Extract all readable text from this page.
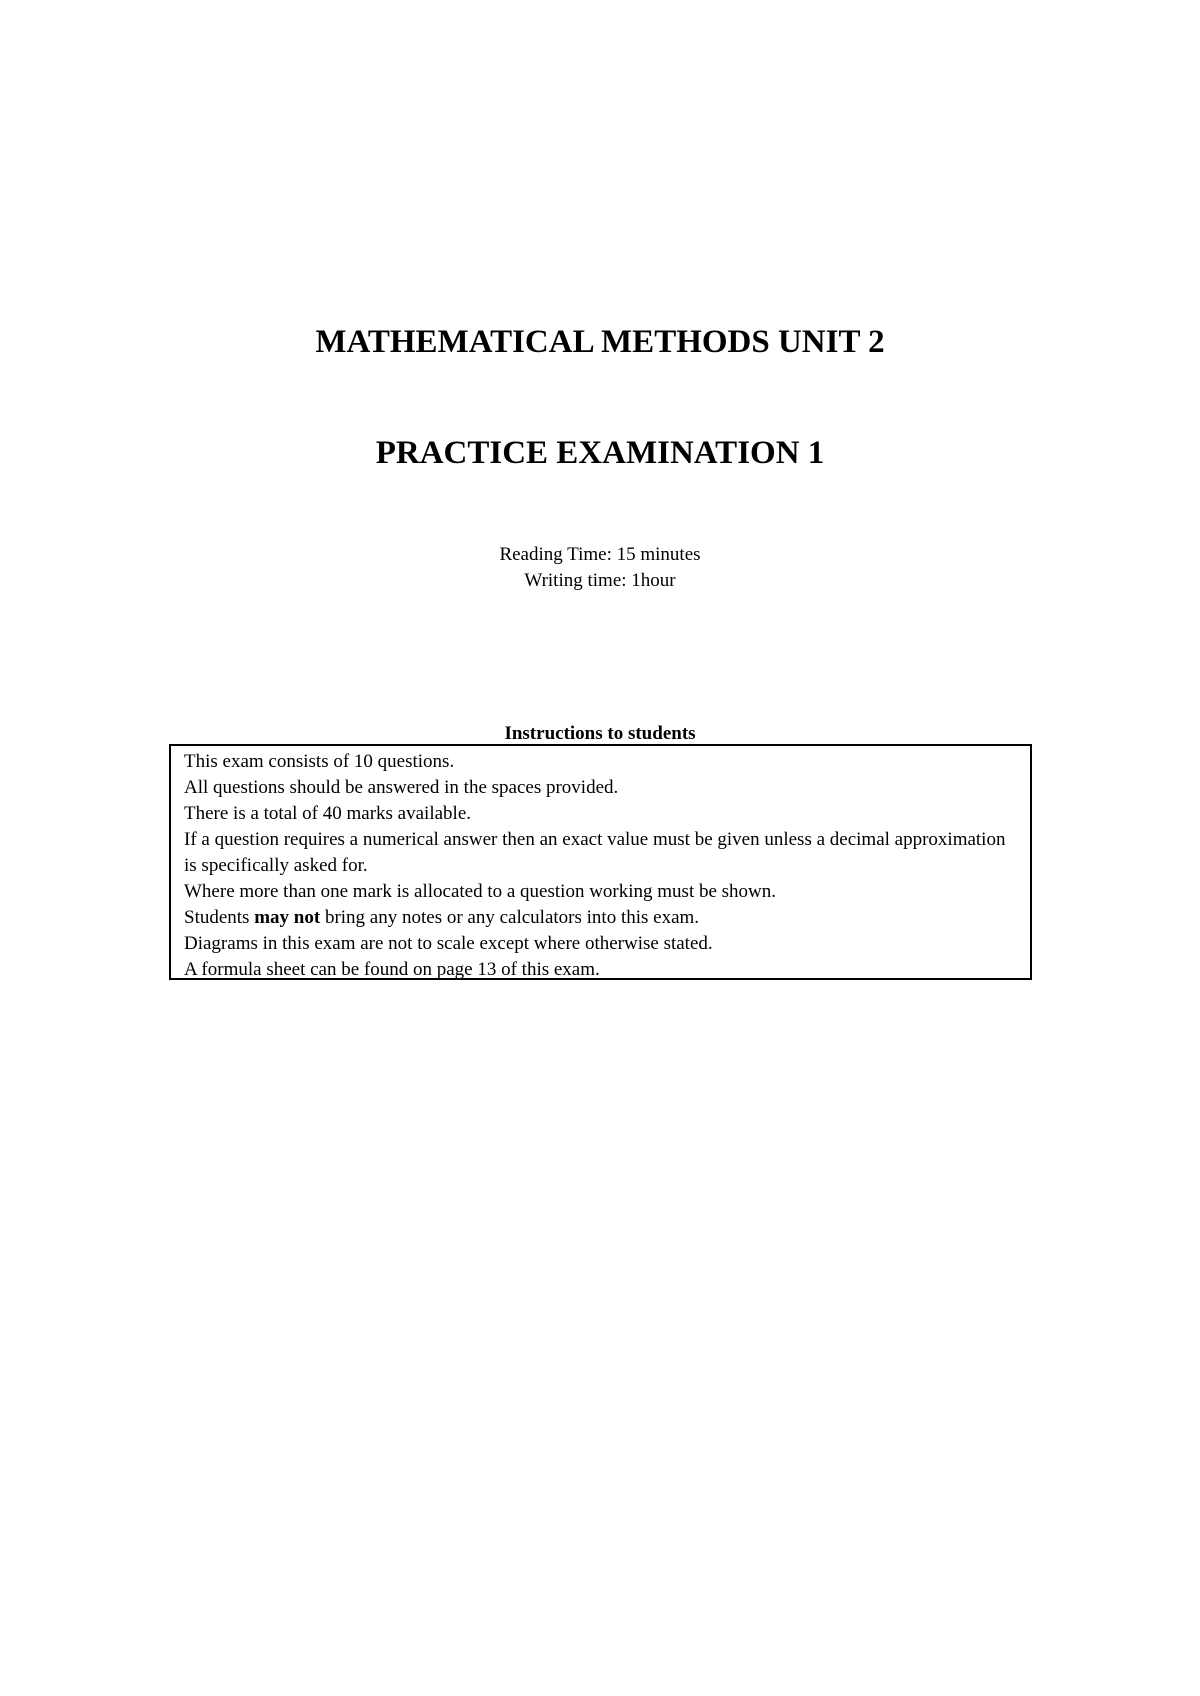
MATHEMATICAL METHODS UNIT 2
PRACTICE EXAMINATION 1
Reading Time: 15 minutes
Writing time: 1hour
Instructions to students

This exam consists of 10 questions.

All questions should be answered in the spaces provided.

There is a total of 40 marks available.

If a question requires a numerical answer then an exact value must be given unless a decimal approximation is specifically asked for.

Where more than one mark is allocated to a question working must be shown.

Students may not bring any notes or any calculators into this exam.

Diagrams in this exam are not to scale except where otherwise stated.

A formula sheet can be found on page 13 of this exam.
